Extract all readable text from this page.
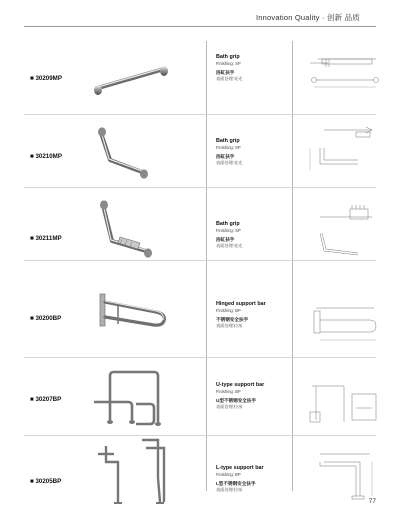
Innovation Quality · 创新 品质
■ 30209MP
Bath grip
Finishing: SP
浴缸扶手
表面处理:亮光
■ 30210MP
Bath grip
Finishing: SP
浴缸扶手
表面处理:亮光
■ 30211MP
Bath grip
Finishing: SP
浴缸扶手
表面处理:亮光
■ 30200BP
Hinged support bar
Finishing: BP
不锈钢安全扶手
表面处理:拉丝
■ 30207BP
U-type support bar
Finishing: BP
U型不锈钢安全扶手
表面处理:拉丝
■ 30205BP
L-type support bar
Finishing: BP
L型不锈钢安全扶手
表面处理:拉丝
77
